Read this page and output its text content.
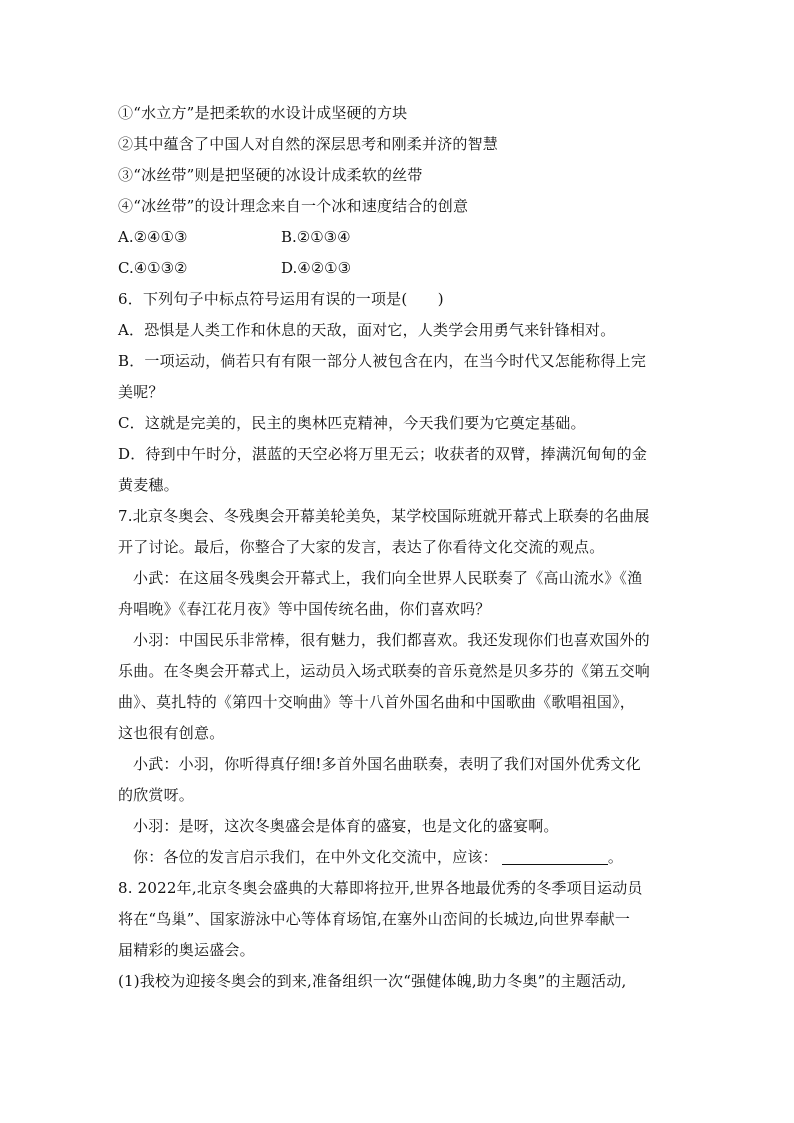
①“水立方”是把柔软的水设计成坚硬的方块
②其中蕴含了中国人对自然的深层思考和刚柔并济的智慧
③“冰丝带”则是把坚硬的冰设计成柔软的丝带
④“冰丝带”的设计理念来自一个冰和速度结合的创意
A.②④①③	B.②①③④
C.④①③②	D.④②①③
6．下列句子中标点符号运用有误的一项是(　　)
A．恐惧是人类工作和休息的天敌，面对它，人类学会用勇气来针锋相对。
B．一项运动，倘若只有有限一部分人被包含在内，在当今时代又怎能称得上完
美呢？
C．这就是完美的，民主的奥林匹克精神，今天我们要为它奠定基础。
D．待到中午时分，湛蓝的天空必将万里无云；收获者的双臂，捧满沉甸甸的金
黄麦穗。
7.北京冬奥会、冬残奥会开幕美轮美奂，某学校国际班就开幕式上联奏的名曲展
开了讨论。最后，你整合了大家的发言，表达了你看待文化交流的观点。
小武：在这届冬残奥会开幕式上，我们向全世界人民联奏了《高山流水》《渔
舟唱晚》《春江花月夜》等中国传统名曲，你们喜欢吗？
小羽：中国民乐非常棒，很有魅力，我们都喜欢。我还发现你们也喜欢国外的
乐曲。在冬奥会开幕式上，运动员入场式联奏的音乐竟然是贝多芬的《第五交响
曲》、莫扎特的《第四十交响曲》等十八首外国名曲和中国歌曲《歌唱祖国》，
这也很有创意。
小武：小羽，你听得真仔细!多首外国名曲联奏，表明了我们对国外优秀文化
的欣赏呀。
小羽：是呀，这次冬奥盛会是体育的盛宴，也是文化的盛宴啊。
你：各位的发言启示我们，在中外文化交流中，应该：	。
8. 2022年,北京冬奥会盛典的大幕即将拉开,世界各地最优秀的冬季项目运动员
将在“鸟巢”、国家游泳中心等体育场馆,在塞外山峦间的长城边,向世界奉献一
届精彩的奥运盛会。
(1)我校为迎接冬奥会的到来,准备组织一次“强健体魄,助力冬奥”的主题活动,
